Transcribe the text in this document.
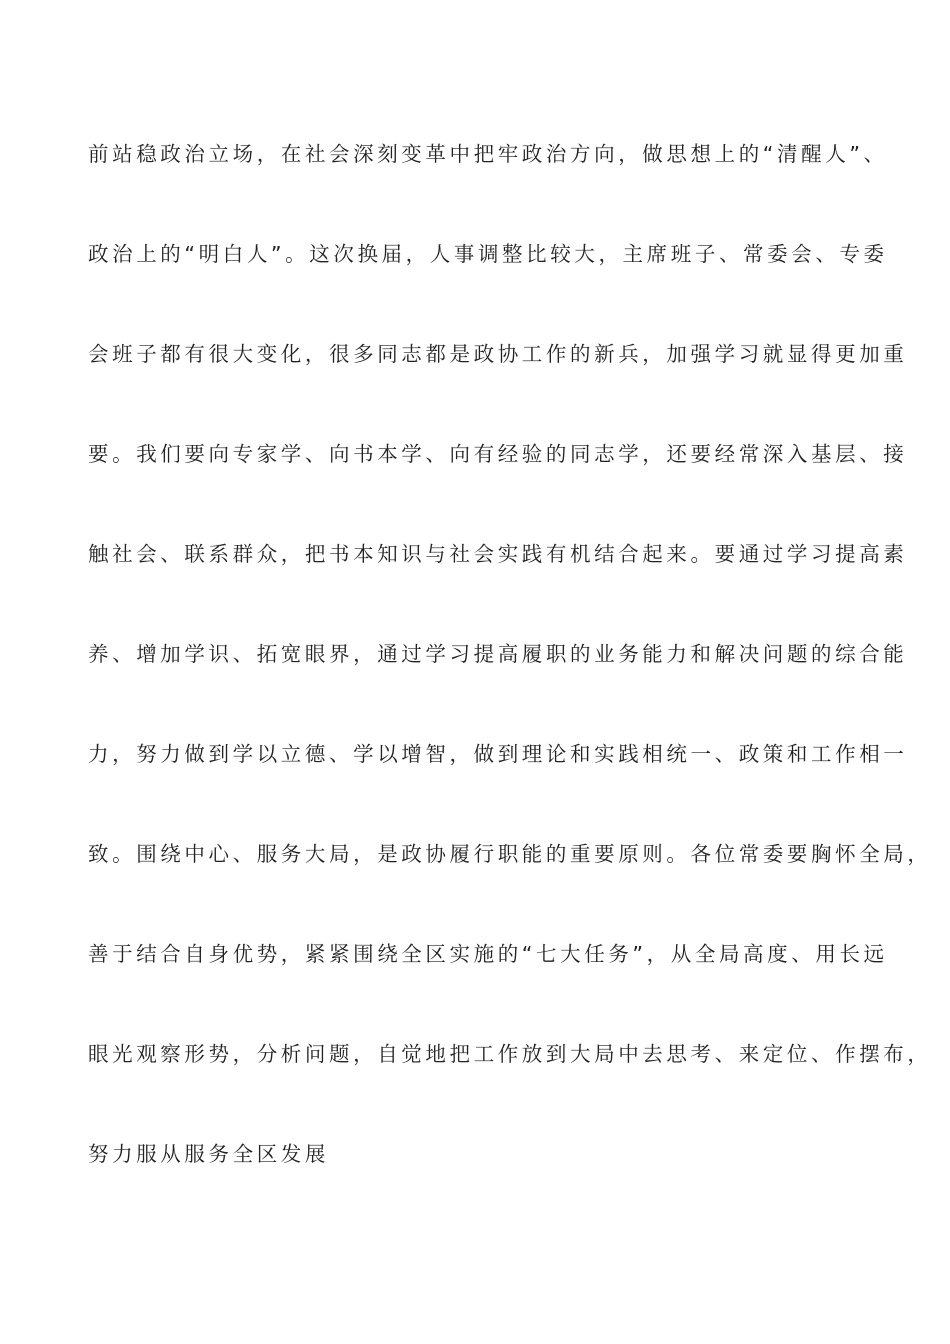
前站稳政治立场，在社会深刻变革中把牢政治方向，做思想上的“清醒人”、
政治上的“明白人”。这次换届，人事调整比较大，主席班子、常委会、专委
会班子都有很大变化，很多同志都是政协工作的新兵，加强学习就显得更加重
要。我们要向专家学、向书本学、向有经验的同志学，还要经常深入基层、接
触社会、联系群众，把书本知识与社会实践有机结合起来。要通过学习提高素
养、增加学识、拓宽眼界，通过学习提高履职的业务能力和解决问题的综合能
力，努力做到学以立德、学以增智，做到理论和实践相统一、政策和工作相一
致。围绕中心、服务大局，是政协履行职能的重要原则。各位常委要胸怀全局，
善于结合自身优势，紧紧围绕全区实施的“七大任务”，从全局高度、用长远
眼光观察形势，分析问题，自觉地把工作放到大局中去思考、来定位、作摆布，
努力服从服务全区发展
